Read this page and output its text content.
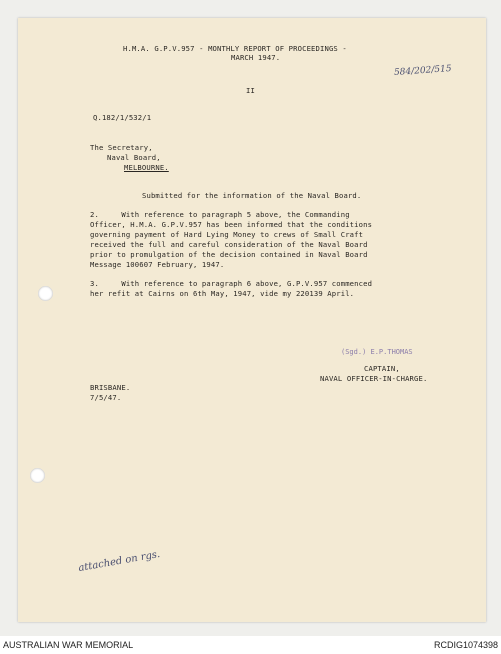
H.M.A. G.P.V.957 - MONTHLY REPORT OF PROCEEDINGS -
MARCH 1947.
584/202/515
II
Q.182/1/532/1
The Secretary,
Naval Board,
MELBOURNE.
Submitted for the information of the Naval Board.
2.     With reference to paragraph 5 above, the Commanding
Officer, H.M.A. G.P.V.957 has been informed that the conditions
governing payment of Hard Lying Money to crews of Small Craft
received the full and careful consideration of the Naval Board
prior to promulgation of the decision contained in Naval Board
Message 100607 February, 1947.
3.     With reference to paragraph 6 above, G.P.V.957 commenced
her refit at Cairns on 6th May, 1947, vide my 220139 April.
(Sgd.) E.P.THOMAS
CAPTAIN,
NAVAL OFFICER-IN-CHARGE.
BRISBANE.
7/5/47.
attached on rgs.
AUSTRALIAN WAR MEMORIAL	RCDIG1074398
